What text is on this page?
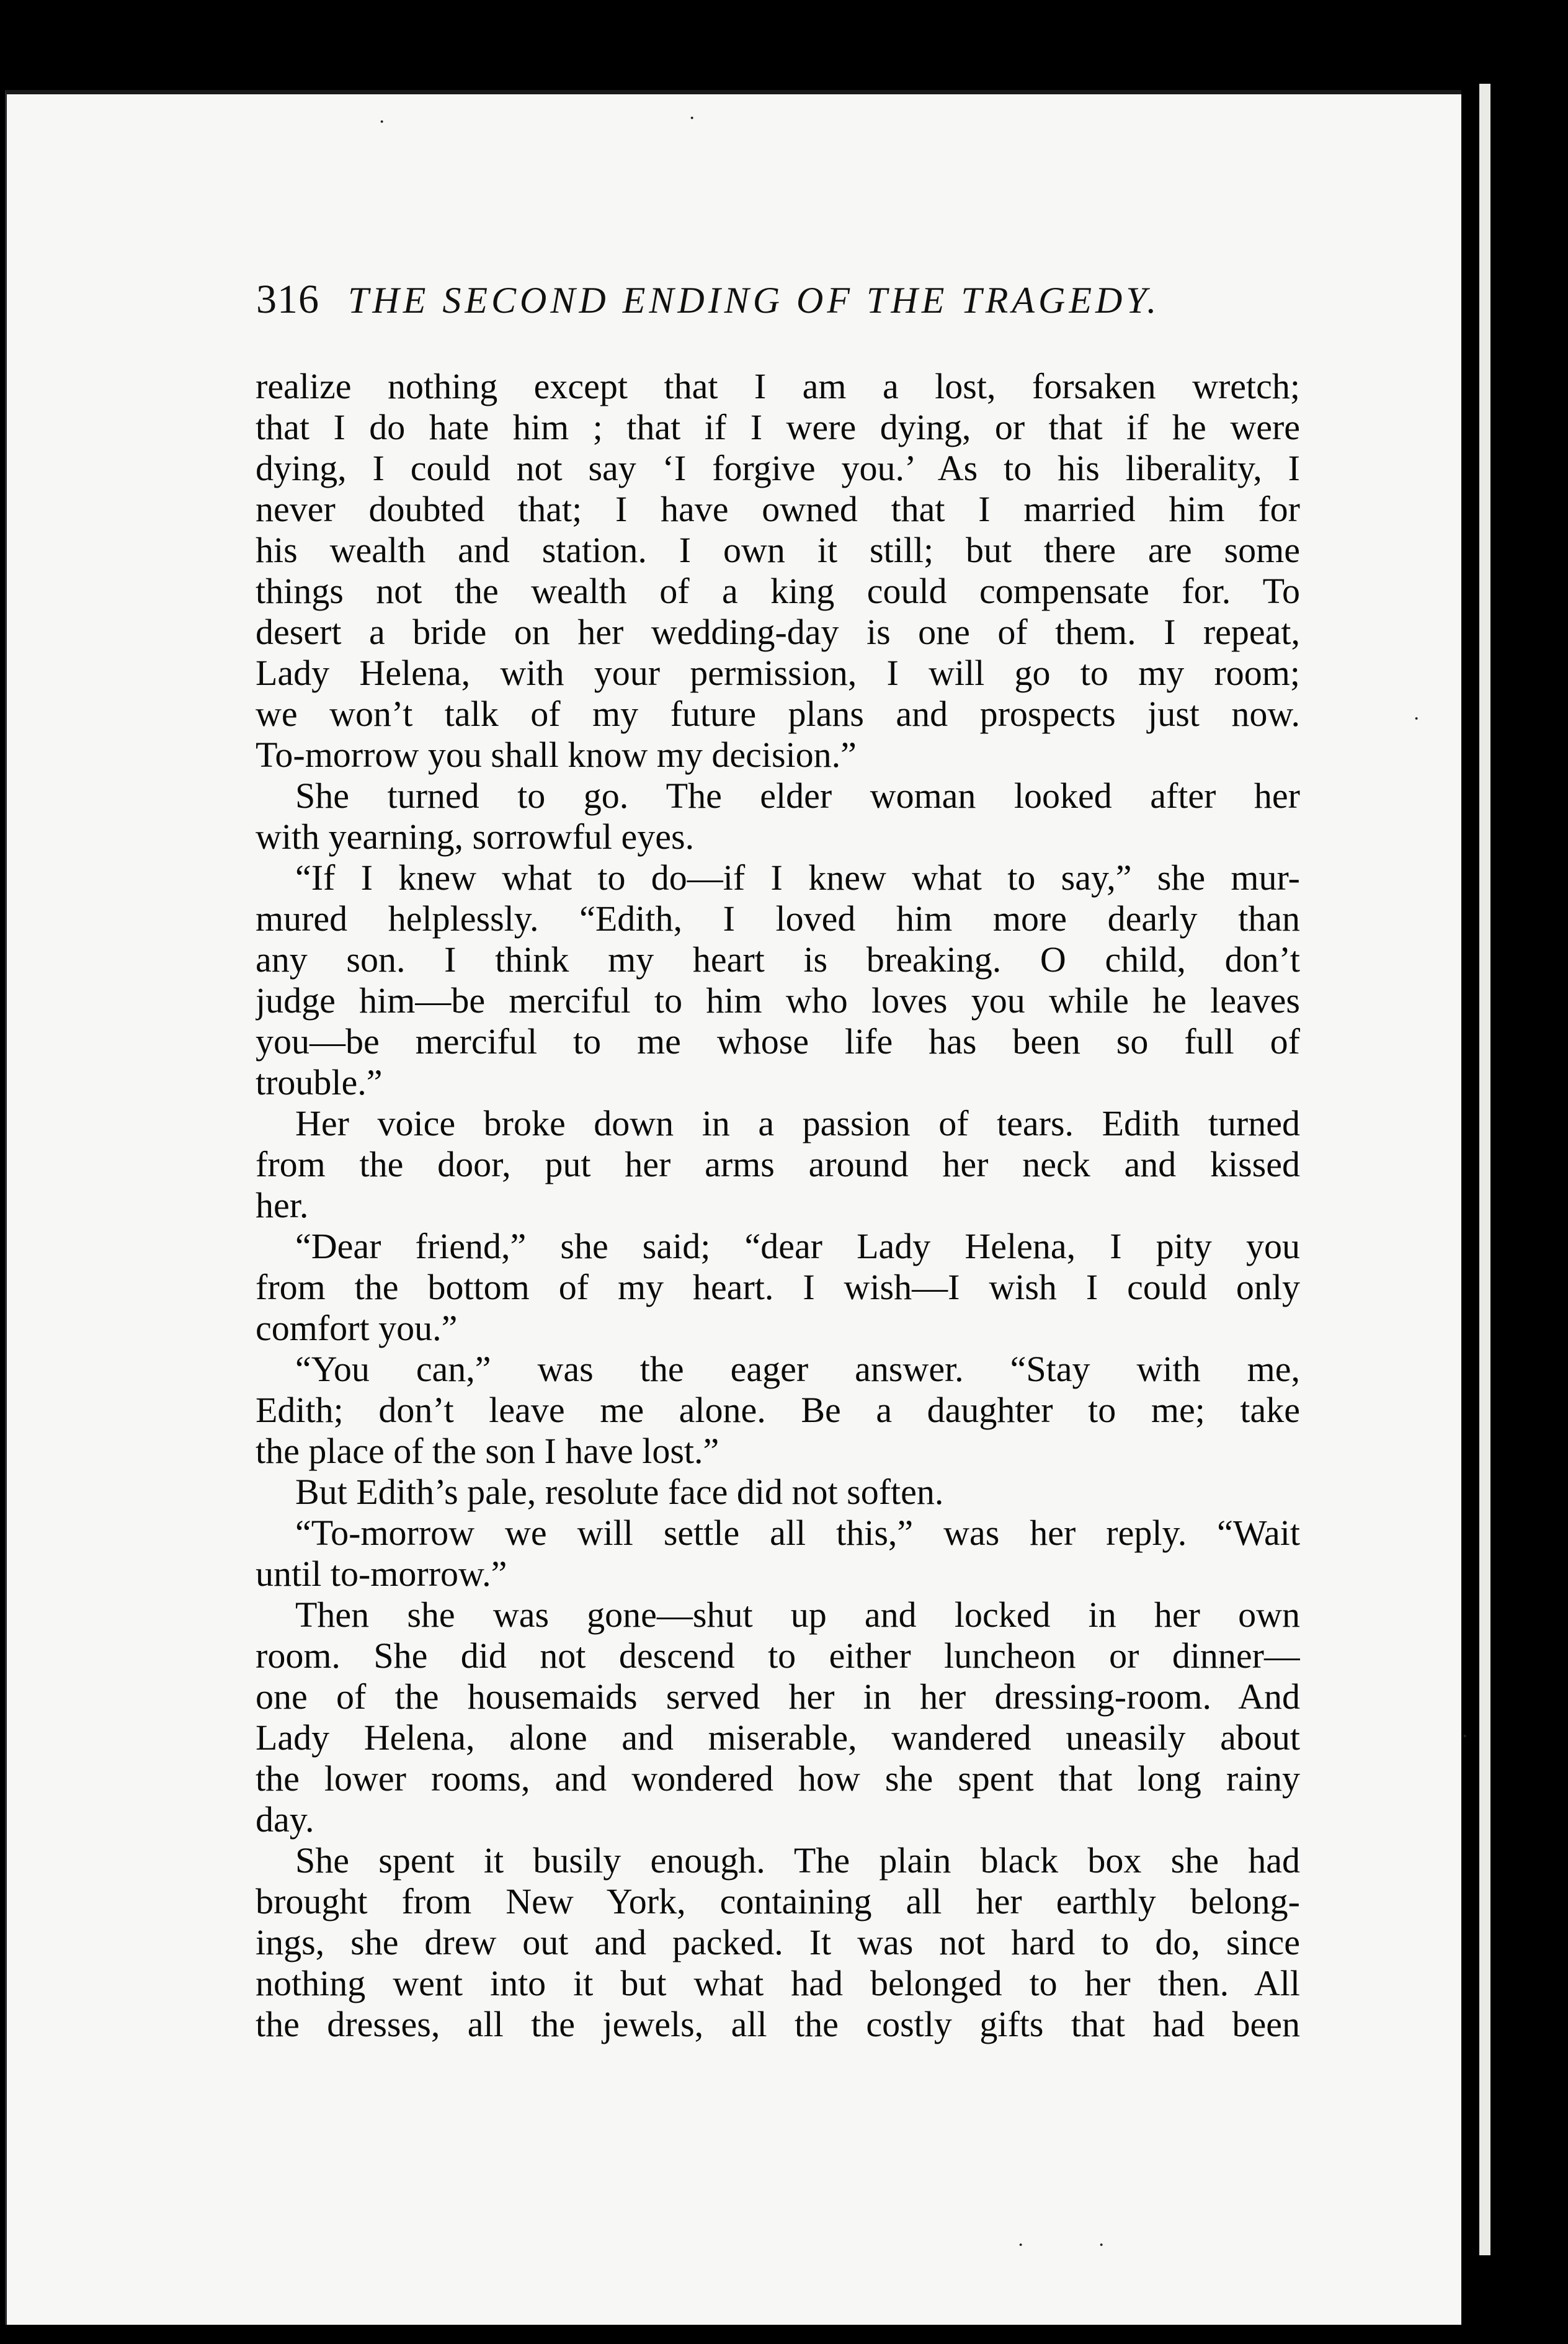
316 THE SECOND ENDING OF THE TRAGEDY.
realize nothing except that I am a lost, forsaken wretch;
that I do hate him ; that if I were dying, or that if he were
dying, I could not say ‘I forgive you.’ As to his liberality, I
never doubted that; I have owned that I married him for
his wealth and station. I own it still; but there are some
things not the wealth of a king could compensate for. To
desert a bride on her wedding-day is one of them. I repeat,
Lady Helena, with your permission, I will go to my room;
we won’t talk of my future plans and prospects just now.
To-morrow you shall know my decision.”
She turned to go. The elder woman looked after her
with yearning, sorrowful eyes.
“If I knew what to do—if I knew what to say,” she mur-
mured helplessly. “Edith, I loved him more dearly than
any son. I think my heart is breaking. O child, don’t
judge him—be merciful to him who loves you while he leaves
you—be merciful to me whose life has been so full of
trouble.”
Her voice broke down in a passion of tears. Edith turned
from the door, put her arms around her neck and kissed
her.
“Dear friend,” she said; “dear Lady Helena, I pity you
from the bottom of my heart. I wish—I wish I could only
comfort you.”
“You can,” was the eager answer. “Stay with me,
Edith; don’t leave me alone. Be a daughter to me; take
the place of the son I have lost.”
But Edith’s pale, resolute face did not soften.
“To-morrow we will settle all this,” was her reply. “Wait
until to-morrow.”
Then she was gone—shut up and locked in her own
room. She did not descend to either luncheon or dinner—
one of the housemaids served her in her dressing-room. And
Lady Helena, alone and miserable, wandered uneasily about
the lower rooms, and wondered how she spent that long rainy
day.
She spent it busily enough. The plain black box she had
brought from New York, containing all her earthly belong-
ings, she drew out and packed. It was not hard to do, since
nothing went into it but what had belonged to her then. All
the dresses, all the jewels, all the costly gifts that had been
·	·
·
·
·	·
